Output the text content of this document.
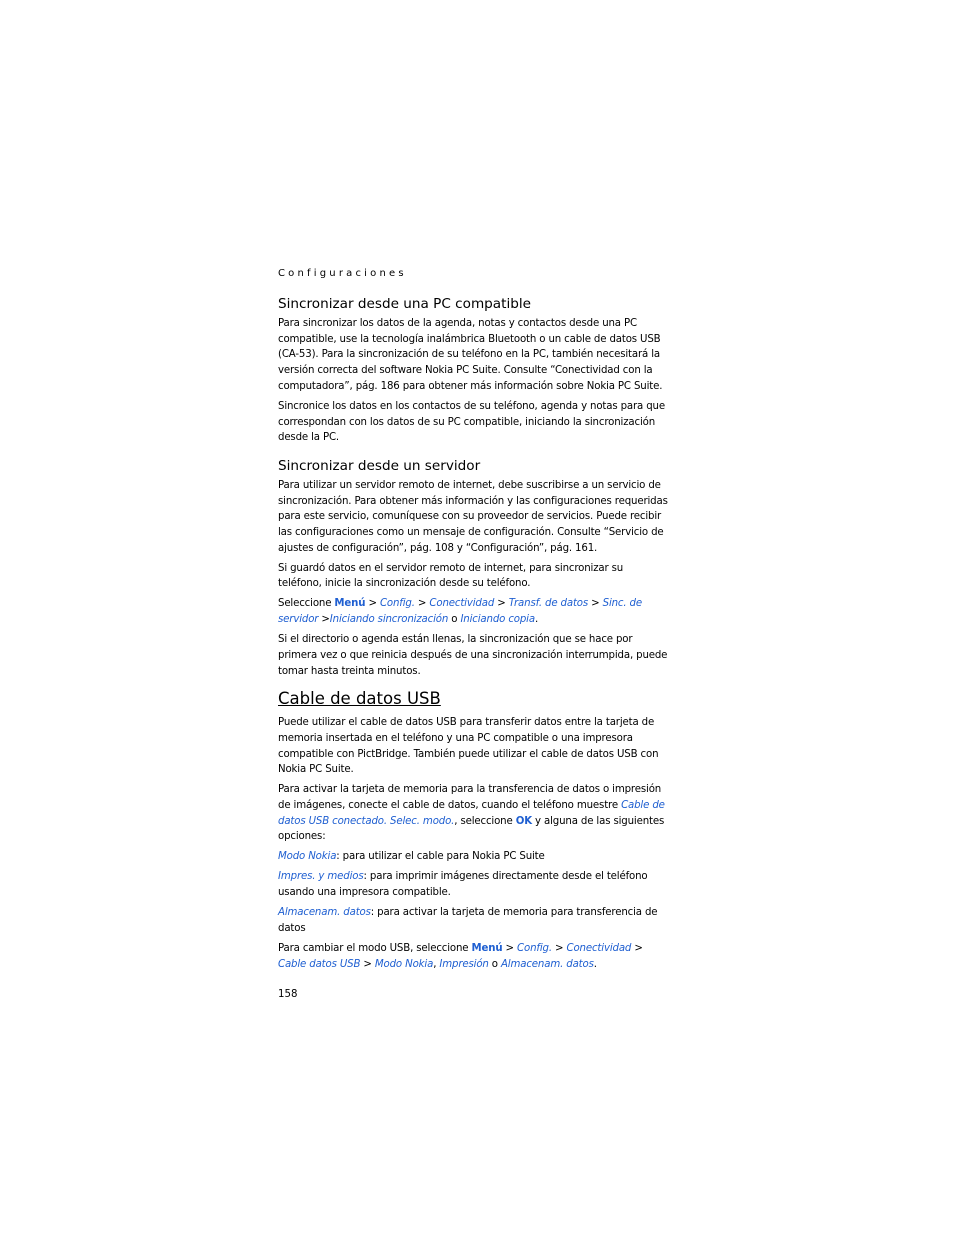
Configuraciones
Sincronizar desde una PC compatible

Para sincronizar los datos de la agenda, notas y contactos desde una PC compatible, use la tecnología inalámbrica Bluetooth o un cable de datos USB (CA-53). Para la sincronización de su teléfono en la PC, también necesitará la versión correcta del software Nokia PC Suite. Consulte “Conectividad con la computadora”, pág. 186 para obtener más información sobre Nokia PC Suite.

Sincronice los datos en los contactos de su teléfono, agenda y notas para que correspondan con los datos de su PC compatible, iniciando la sincronización desde la PC.

Sincronizar desde un servidor

Para utilizar un servidor remoto de internet, debe suscribirse a un servicio de sincronización. Para obtener más información y las configuraciones requeridas para este servicio, comuníquese con su proveedor de servicios. Puede recibir las configuraciones como un mensaje de configuración. Consulte “Servicio de ajustes de configuración”, pág. 108 y “Configuración”, pág. 161.

Si guardó datos en el servidor remoto de internet, para sincronizar su teléfono, inicie la sincronización desde su teléfono.

Seleccione Menú > Config. > Conectividad > Transf. de datos > Sinc. de servidor >Iniciando sincronización o Iniciando copia.

Si el directorio o agenda están llenas, la sincronización que se hace por primera vez o que reinicia después de una sincronización interrumpida, puede tomar hasta treinta minutos.

Cable de datos USB

Puede utilizar el cable de datos USB para transferir datos entre la tarjeta de memoria insertada en el teléfono y una PC compatible o una impresora compatible con PictBridge. También puede utilizar el cable de datos USB con Nokia PC Suite.

Para activar la tarjeta de memoria para la transferencia de datos o impresión de imágenes, conecte el cable de datos, cuando el teléfono muestre Cable de datos USB conectado. Selec. modo., seleccione OK y alguna de las siguientes opciones:

Modo Nokia: para utilizar el cable para Nokia PC Suite

Impres. y medios: para imprimir imágenes directamente desde el teléfono usando una impresora compatible.

Almacenam. datos: para activar la tarjeta de memoria para transferencia de datos

Para cambiar el modo USB, seleccione Menú > Config. > Conectividad > Cable datos USB > Modo Nokia, Impresión o Almacenam. datos.

158
